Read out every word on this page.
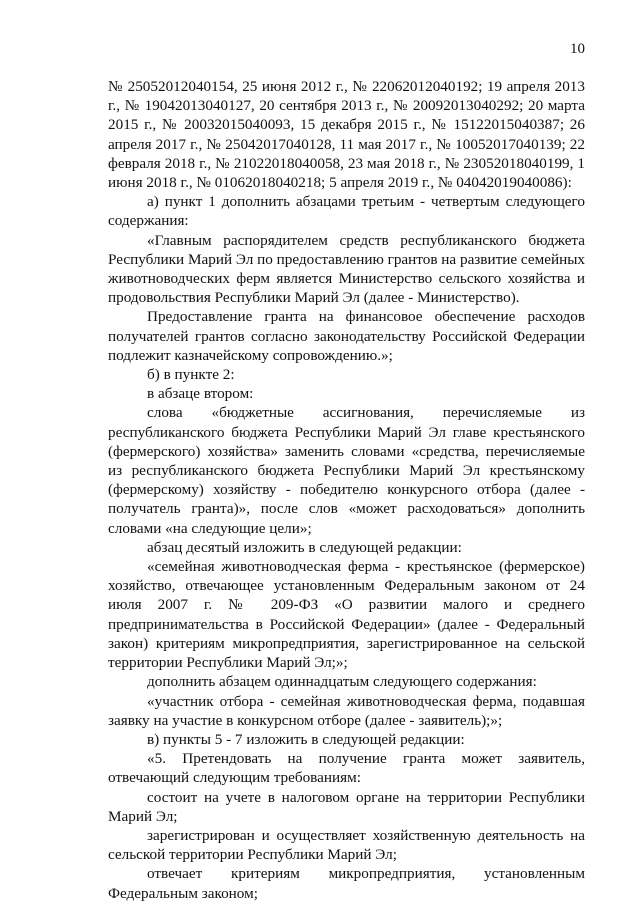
10

№ 25052012040154, 25 июня 2012 г., № 22062012040192; 19 апреля 2013 г., № 19042013040127, 20 сентября 2013 г., № 20092013040292; 20 марта 2015 г., № 20032015040093, 15 декабря 2015 г., № 15122015040387; 26 апреля 2017 г., № 25042017040128, 11 мая 2017 г., № 10052017040139; 22 февраля 2018 г., № 21022018040058, 23 мая 2018 г., № 23052018040199, 1 июня 2018 г., № 01062018040218; 5 апреля 2019 г., № 04042019040086):

а) пункт 1 дополнить абзацами третьим - четвертым следующего содержания:

«Главным распорядителем средств республиканского бюджета Республики Марий Эл по предоставлению грантов на развитие семейных животноводческих ферм является Министерство сельского хозяйства и продовольствия Республики Марий Эл (далее - Министерство).

Предоставление гранта на финансовое обеспечение расходов получателей грантов согласно законодательству Российской Федерации подлежит казначейскому сопровождению.»;

б) в пункте 2:

в абзаце втором:

слова «бюджетные ассигнования, перечисляемые из республиканского бюджета Республики Марий Эл главе крестьянского (фермерского) хозяйства» заменить словами «средства, перечисляемые из республиканского бюджета Республики Марий Эл крестьянскому (фермерскому) хозяйству - победителю конкурсного отбора (далее - получатель гранта)», после слов «может расходоваться» дополнить словами «на следующие цели»;

абзац десятый изложить в следующей редакции:

«семейная животноводческая ферма - крестьянское (фермерское) хозяйство, отвечающее установленным Федеральным законом от 24 июля 2007 г. № 209-ФЗ «О развитии малого и среднего предпринимательства в Российской Федерации» (далее - Федеральный закон) критериям микропредприятия, зарегистрированное на сельской территории Республики Марий Эл;»;

дополнить абзацем одиннадцатым следующего содержания:

«участник отбора - семейная животноводческая ферма, подавшая заявку на участие в конкурсном отборе (далее - заявитель);»;

в) пункты 5 - 7 изложить в следующей редакции:

«5. Претендовать на получение гранта может заявитель, отвечающий следующим требованиям:

состоит на учете в налоговом органе на территории Республики Марий Эл;

зарегистрирован и осуществляет хозяйственную деятельность на сельской территории Республики Марий Эл;

отвечает критериям микропредприятия, установленным Федеральным законом;
